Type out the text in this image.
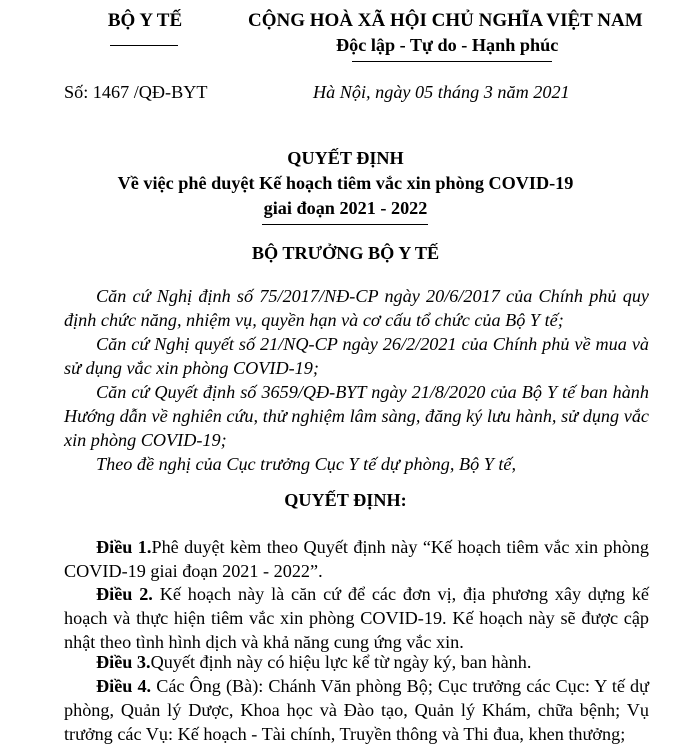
BỘ Y TẾ	CỘNG HOÀ XÃ HỘI CHỦ NGHĨA VIỆT NAM
Độc lập - Tự do - Hạnh phúc
Số: 1467 /QĐ-BYT	Hà Nội, ngày 05 tháng 3 năm 2021
QUYẾT ĐỊNH
Về việc phê duyệt Kế hoạch tiêm vắc xin phòng COVID-19
giai đoạn 2021 - 2022
BỘ TRƯỞNG BỘ Y TẾ
Căn cứ Nghị định số 75/2017/NĐ-CP ngày 20/6/2017 của Chính phủ quy định chức năng, nhiệm vụ, quyền hạn và cơ cấu tổ chức của Bộ Y tế;
Căn cứ Nghị quyết số 21/NQ-CP ngày 26/2/2021 của Chính phủ về mua và sử dụng vắc xin phòng COVID-19;
Căn cứ Quyết định số 3659/QĐ-BYT ngày 21/8/2020 của Bộ Y tế ban hành Hướng dẫn về nghiên cứu, thử nghiệm lâm sàng, đăng ký lưu hành, sử dụng vắc xin phòng COVID-19;
Theo đề nghị của Cục trưởng Cục Y tế dự phòng, Bộ Y tế,
QUYẾT ĐỊNH:
Điều 1.Phê duyệt kèm theo Quyết định này “Kế hoạch tiêm vắc xin phòng COVID-19 giai đoạn 2021 - 2022”.
Điều 2. Kế hoạch này là căn cứ để các đơn vị, địa phương xây dựng kế hoạch và thực hiện tiêm vắc xin phòng COVID-19. Kế hoạch này sẽ được cập nhật theo tình hình dịch và khả năng cung ứng vắc xin.
Điều 3.Quyết định này có hiệu lực kể từ ngày ký, ban hành.
Điều 4. Các Ông (Bà): Chánh Văn phòng Bộ; Cục trưởng các Cục: Y tế dự phòng, Quản lý Dược, Khoa học và Đào tạo, Quản lý Khám, chữa bệnh; Vụ trưởng các Vụ: Kế hoạch - Tài chính, Truyền thông và Thi đua, khen thưởng;
